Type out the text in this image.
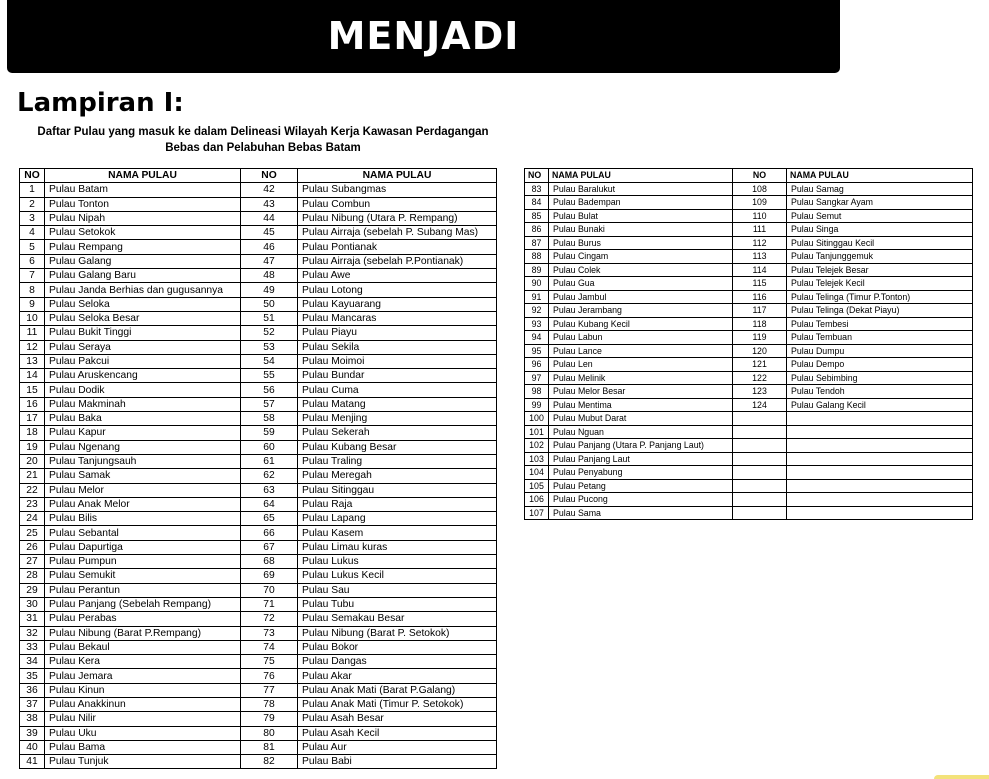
MENJADI
Lampiran I:
Daftar Pulau yang masuk ke dalam Delineasi Wilayah Kerja Kawasan Perdagangan
Bebas dan Pelabuhan Bebas Batam
NO	NAMA PULAU	NO	NAMA PULAU
1	Pulau Batam	42	Pulau Subangmas
2	Pulau Tonton	43	Pulau Combun
3	Pulau Nipah	44	Pulau Nibung (Utara P. Rempang)
4	Pulau Setokok	45	Pulau Airraja (sebelah P. Subang Mas)
5	Pulau Rempang	46	Pulau Pontianak
6	Pulau Galang	47	Pulau Airraja (sebelah P.Pontianak)
7	Pulau Galang Baru	48	Pulau Awe
8	Pulau Janda Berhias dan gugusannya	49	Pulau Lotong
9	Pulau Seloka	50	Pulau Kayuarang
10	Pulau Seloka Besar	51	Pulau Mancaras
11	Pulau Bukit Tinggi	52	Pulau Piayu
12	Pulau Seraya	53	Pulau Sekila
13	Pulau Pakcui	54	Pulau Moimoi
14	Pulau Aruskencang	55	Pulau Bundar
15	Pulau Dodik	56	Pulau Cuma
16	Pulau Makminah	57	Pulau Matang
17	Pulau Baka	58	Pulau Menjing
18	Pulau Kapur	59	Pulau Sekerah
19	Pulau Ngenang	60	Pulau Kubang Besar
20	Pulau Tanjungsauh	61	Pulau Traling
21	Pulau Samak	62	Pulau Meregah
22	Pulau Melor	63	Pulau Sitinggau
23	Pulau Anak Melor	64	Pulau Raja
24	Pulau Bilis	65	Pulau Lapang
25	Pulau Sebantal	66	Pulau Kasem
26	Pulau Dapurtiga	67	Pulau Limau kuras
27	Pulau Pumpun	68	Pulau Lukus
28	Pulau Semukit	69	Pulau Lukus Kecil
29	Pulau Perantun	70	Pulau Sau
30	Pulau Panjang (Sebelah Rempang)	71	Pulau Tubu
31	Pulau Perabas	72	Pulau Semakau Besar
32	Pulau Nibung (Barat P.Rempang)	73	Pulau Nibung (Barat P. Setokok)
33	Pulau Bekaul	74	Pulau Bokor
34	Pulau Kera	75	Pulau Dangas
35	Pulau Jemara	76	Pulau Akar
36	Pulau Kinun	77	Pulau Anak Mati (Barat P.Galang)
37	Pulau Anakkinun	78	Pulau Anak Mati (Timur P. Setokok)
38	Pulau Nilir	79	Pulau Asah Besar
39	Pulau Uku	80	Pulau Asah Kecil
40	Pulau Bama	81	Pulau Aur
41	Pulau Tunjuk	82	Pulau Babi
NO	NAMA PULAU	NO	NAMA PULAU
83	Pulau Baralukut	108	Pulau Samag
84	Pulau Badempan	109	Pulau Sangkar Ayam
85	Pulau Bulat	110	Pulau Semut
86	Pulau Bunaki	111	Pulau Singa
87	Pulau Burus	112	Pulau Sitinggau Kecil
88	Pulau Cingam	113	Pulau Tanjunggemuk
89	Pulau Colek	114	Pulau Telejek Besar
90	Pulau Gua	115	Pulau Telejek Kecil
91	Pulau Jambul	116	Pulau Telinga (Timur P.Tonton)
92	Pulau Jerambang	117	Pulau Telinga (Dekat Piayu)
93	Pulau Kubang Kecil	118	Pulau Tembesi
94	Pulau Labun	119	Pulau Tembuan
95	Pulau Lance	120	Pulau Dumpu
96	Pulau Len	121	Pulau Dempo
97	Pulau Melinik	122	Pulau Sebimbing
98	Pulau Melor Besar	123	Pulau Tendoh
99	Pulau Mentima	124	Pulau Galang Kecil
100	Pulau Mubut Darat		
101	Pulau Nguan		
102	Pulau Panjang (Utara P. Panjang Laut)		
103	Pulau Panjang Laut		
104	Pulau Penyabung		
105	Pulau Petang		
106	Pulau Pucong		
107	Pulau Sama		
